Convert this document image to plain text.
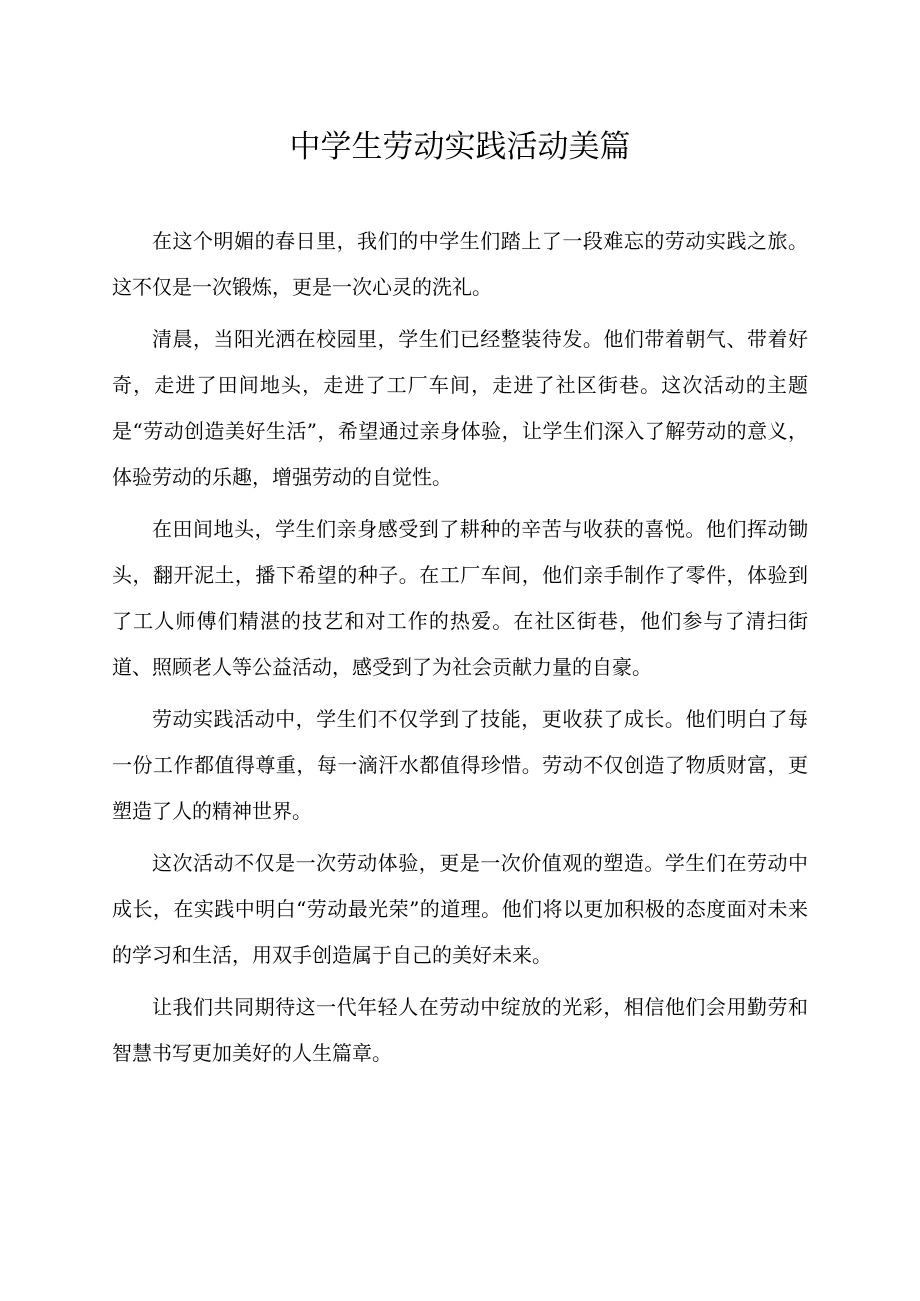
中学生劳动实践活动美篇

在这个明媚的春日里，我们的中学生们踏上了一段难忘的劳动实践之旅。这不仅是一次锻炼，更是一次心灵的洗礼。

清晨，当阳光洒在校园里，学生们已经整装待发。他们带着朝气、带着好奇，走进了田间地头，走进了工厂车间，走进了社区街巷。这次活动的主题是“劳动创造美好生活”，希望通过亲身体验，让学生们深入了解劳动的意义，体验劳动的乐趣，增强劳动的自觉性。

在田间地头，学生们亲身感受到了耕种的辛苦与收获的喜悦。他们挥动锄头，翻开泥土，播下希望的种子。在工厂车间，他们亲手制作了零件，体验到了工人师傅们精湛的技艺和对工作的热爱。在社区街巷，他们参与了清扫街道、照顾老人等公益活动，感受到了为社会贡献力量的自豪。

劳动实践活动中，学生们不仅学到了技能，更收获了成长。他们明白了每一份工作都值得尊重，每一滴汗水都值得珍惜。劳动不仅创造了物质财富，更塑造了人的精神世界。

这次活动不仅是一次劳动体验，更是一次价值观的塑造。学生们在劳动中成长，在实践中明白“劳动最光荣”的道理。他们将以更加积极的态度面对未来的学习和生活，用双手创造属于自己的美好未来。

让我们共同期待这一代年轻人在劳动中绽放的光彩，相信他们会用勤劳和智慧书写更加美好的人生篇章。
